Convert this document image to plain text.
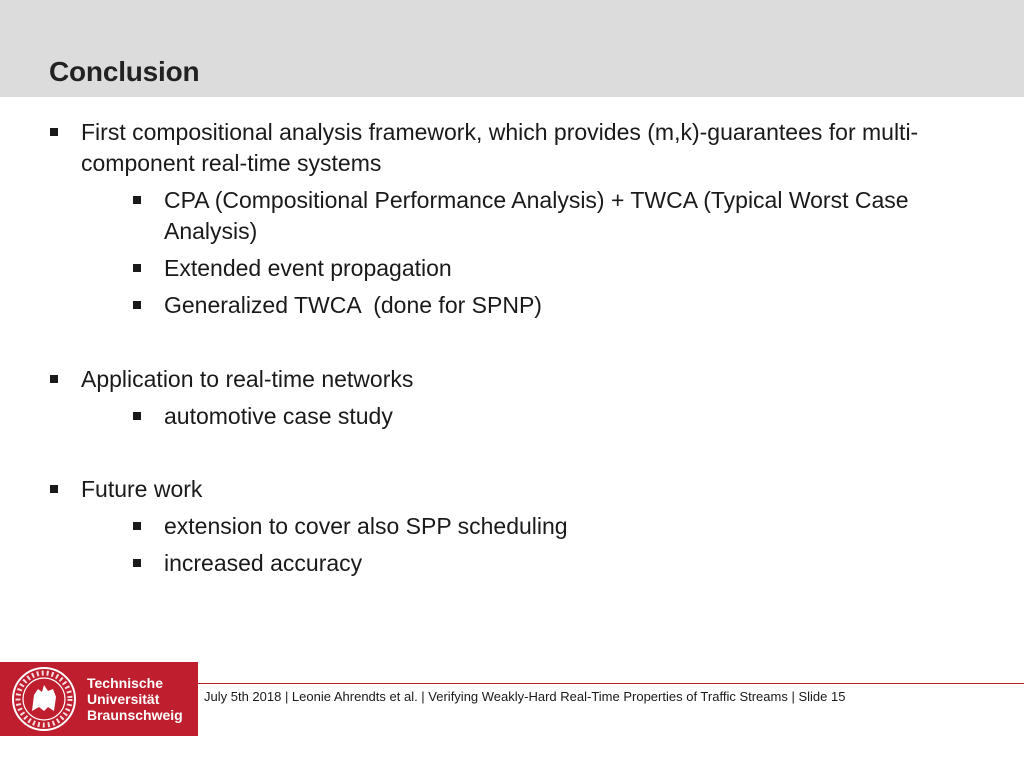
Conclusion
First compositional analysis framework, which provides (m,k)-guarantees for multi-component real-time systems
CPA (Compositional Performance Analysis) + TWCA (Typical Worst Case Analysis)
Extended event propagation
Generalized TWCA  (done for SPNP)
Application to real-time networks
automotive case study
Future work
extension to cover also SPP scheduling
increased accuracy
Technische
Universität
Braunschweig
July 5th 2018 | Leonie Ahrendts et al. | Verifying Weakly-Hard Real-Time Properties of Traffic Streams | Slide 15
